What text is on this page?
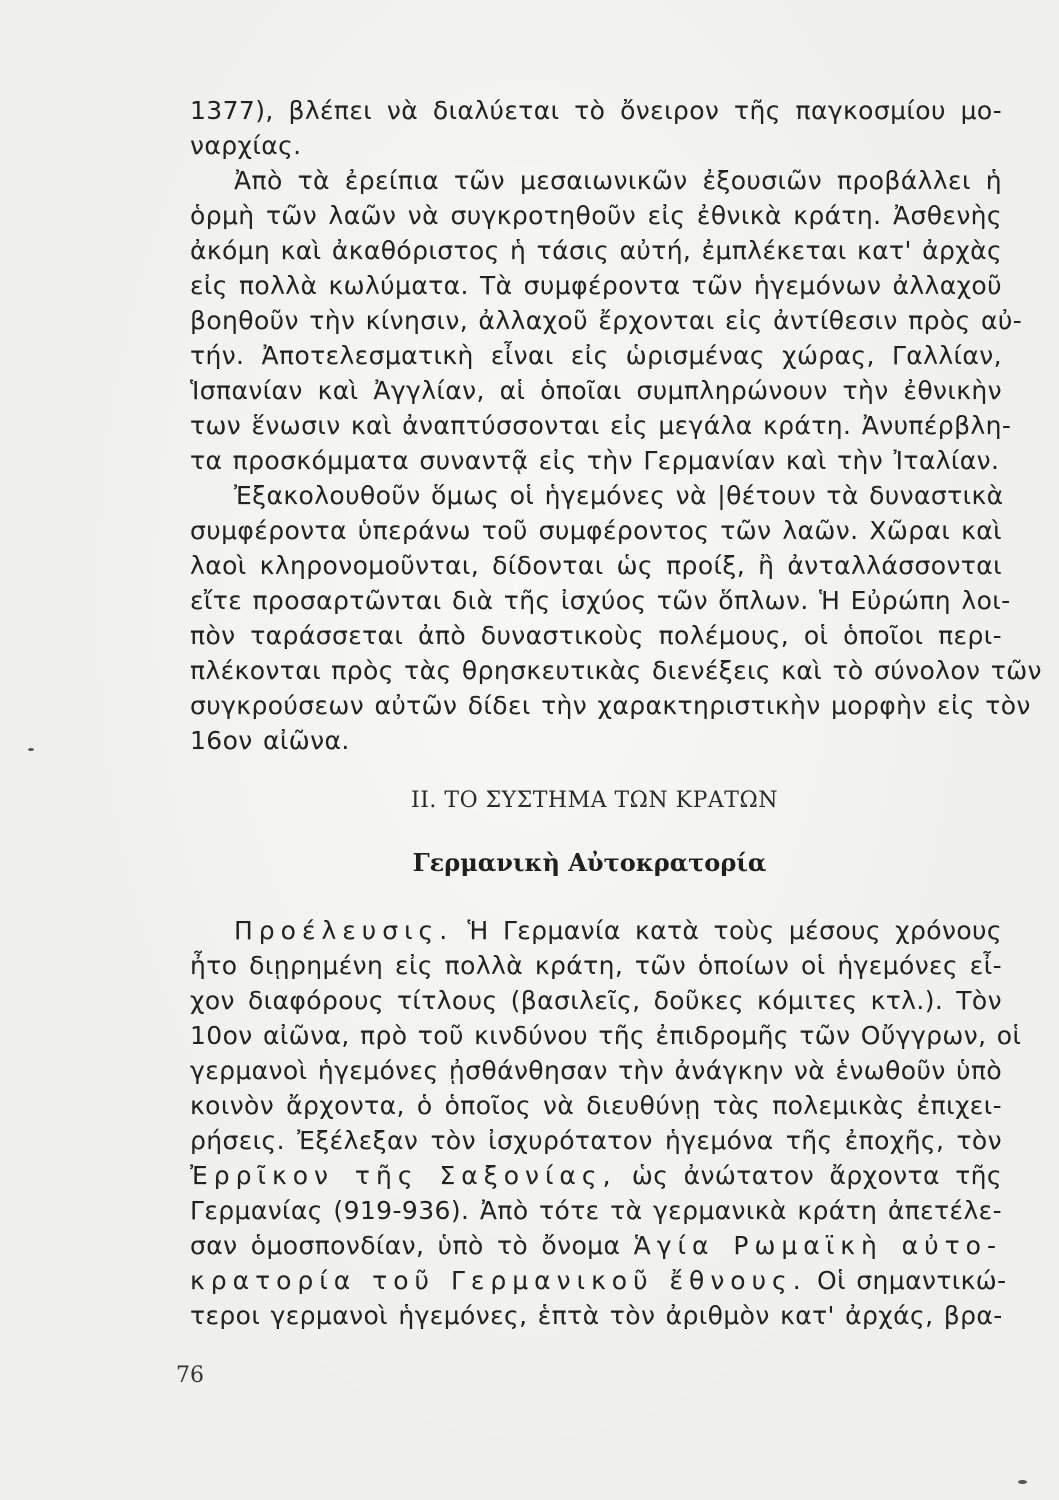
1377), βλέπει νὰ διαλύεται τὸ ὄνειρον τῆς παγκοσμίου μο-
ναρχίας.
Ἀπὸ τὰ ἐρείπια τῶν μεσαιωνικῶν ἐξουσιῶν προβάλλει ἡ
ὁρμὴ τῶν λαῶν νὰ συγκροτηθοῦν εἰς ἐθνικὰ κράτη. Ἀσθενὴς
ἀκόμη καὶ ἀκαθόριστος ἡ τάσις αὐτή, ἐμπλέκεται κατ' ἀρχὰς
εἰς πολλὰ κωλύματα. Τὰ συμφέροντα τῶν ἡγεμόνων ἀλλαχοῦ
βοηθοῦν τὴν κίνησιν, ἀλλαχοῦ ἔρχονται εἰς ἀντίθεσιν πρὸς αὐ-
τήν. Ἀποτελεσματικὴ εἶναι εἰς ὡρισμένας χώρας, Γαλλίαν,
Ἱσπανίαν καὶ Ἀγγλίαν, αἱ ὁποῖαι συμπληρώνουν τὴν ἐθνικὴν
των ἕνωσιν καὶ ἀναπτύσσονται εἰς μεγάλα κράτη. Ἀνυπέρβλη-
τα προσκόμματα συναντᾷ εἰς τὴν Γερμανίαν καὶ τὴν Ἰταλίαν.
Ἐξακολουθοῦν ὅμως οἱ ἡγεμόνες νὰ |θέτουν τὰ δυναστικὰ
συμφέροντα ὑπεράνω τοῦ συμφέροντος τῶν λαῶν. Χῶραι καὶ
λαοὶ κληρονομοῦνται, δίδονται ὡς προίξ, ἢ ἀνταλλάσσονται
εἴτε προσαρτῶνται διὰ τῆς ἰσχύος τῶν ὅπλων. Ἡ Εὐρώπη λοι-
πὸν ταράσσεται ἀπὸ δυναστικοὺς πολέμους, οἱ ὁποῖοι περι-
πλέκονται πρὸς τὰς θρησκευτικὰς διενέξεις καὶ τὸ σύνολον τῶν
συγκρούσεων αὐτῶν δίδει τὴν χαρακτηριστικὴν μορφὴν εἰς τὸν
16ον αἰῶνα.
II. ΤΟ ΣΥΣΤΗΜΑ ΤΩΝ ΚΡΑΤΩΝ
Γερμανικὴ Αὐτοκρατορία
Προέλευσις. Ἡ Γερμανία κατὰ τοὺς μέσους χρόνους
ἦτο διῃρημένη εἰς πολλὰ κράτη, τῶν ὁποίων οἱ ἡγεμόνες εἶ-
χον διαφόρους τίτλους (βασιλεῖς, δοῦκες κόμιτες κτλ.). Τὸν
10ον αἰῶνα, πρὸ τοῦ κινδύνου τῆς ἐπιδρομῆς τῶν Οὔγγρων, οἱ
γερμανοὶ ἡγεμόνες ᾐσθάνθησαν τὴν ἀνάγκην νὰ ἑνωθοῦν ὑπὸ
κοινὸν ἄρχοντα, ὁ ὁποῖος νὰ διευθύνῃ τὰς πολεμικὰς ἐπιχει-
ρήσεις. Ἐξέλεξαν τὸν ἰσχυρότατον ἡγεμόνα τῆς ἐποχῆς, τὸν
Ἐρρῖκον τῆς Σαξονίας, ὡς ἀνώτατον ἄρχοντα τῆς
Γερμανίας (919-936). Ἀπὸ τότε τὰ γερμανικὰ κράτη ἀπετέλε-
σαν ὁμοσπονδίαν, ὑπὸ τὸ ὄνομα Ἁγία Ρωμαϊκὴ αὐτο-
κρατορία τοῦ Γερμανικοῦ ἔθνους. Οἱ σημαντικώ-
τεροι γερμανοὶ ἡγεμόνες, ἑπτὰ τὸν ἀριθμὸν κατ' ἀρχάς, βρα-
76
